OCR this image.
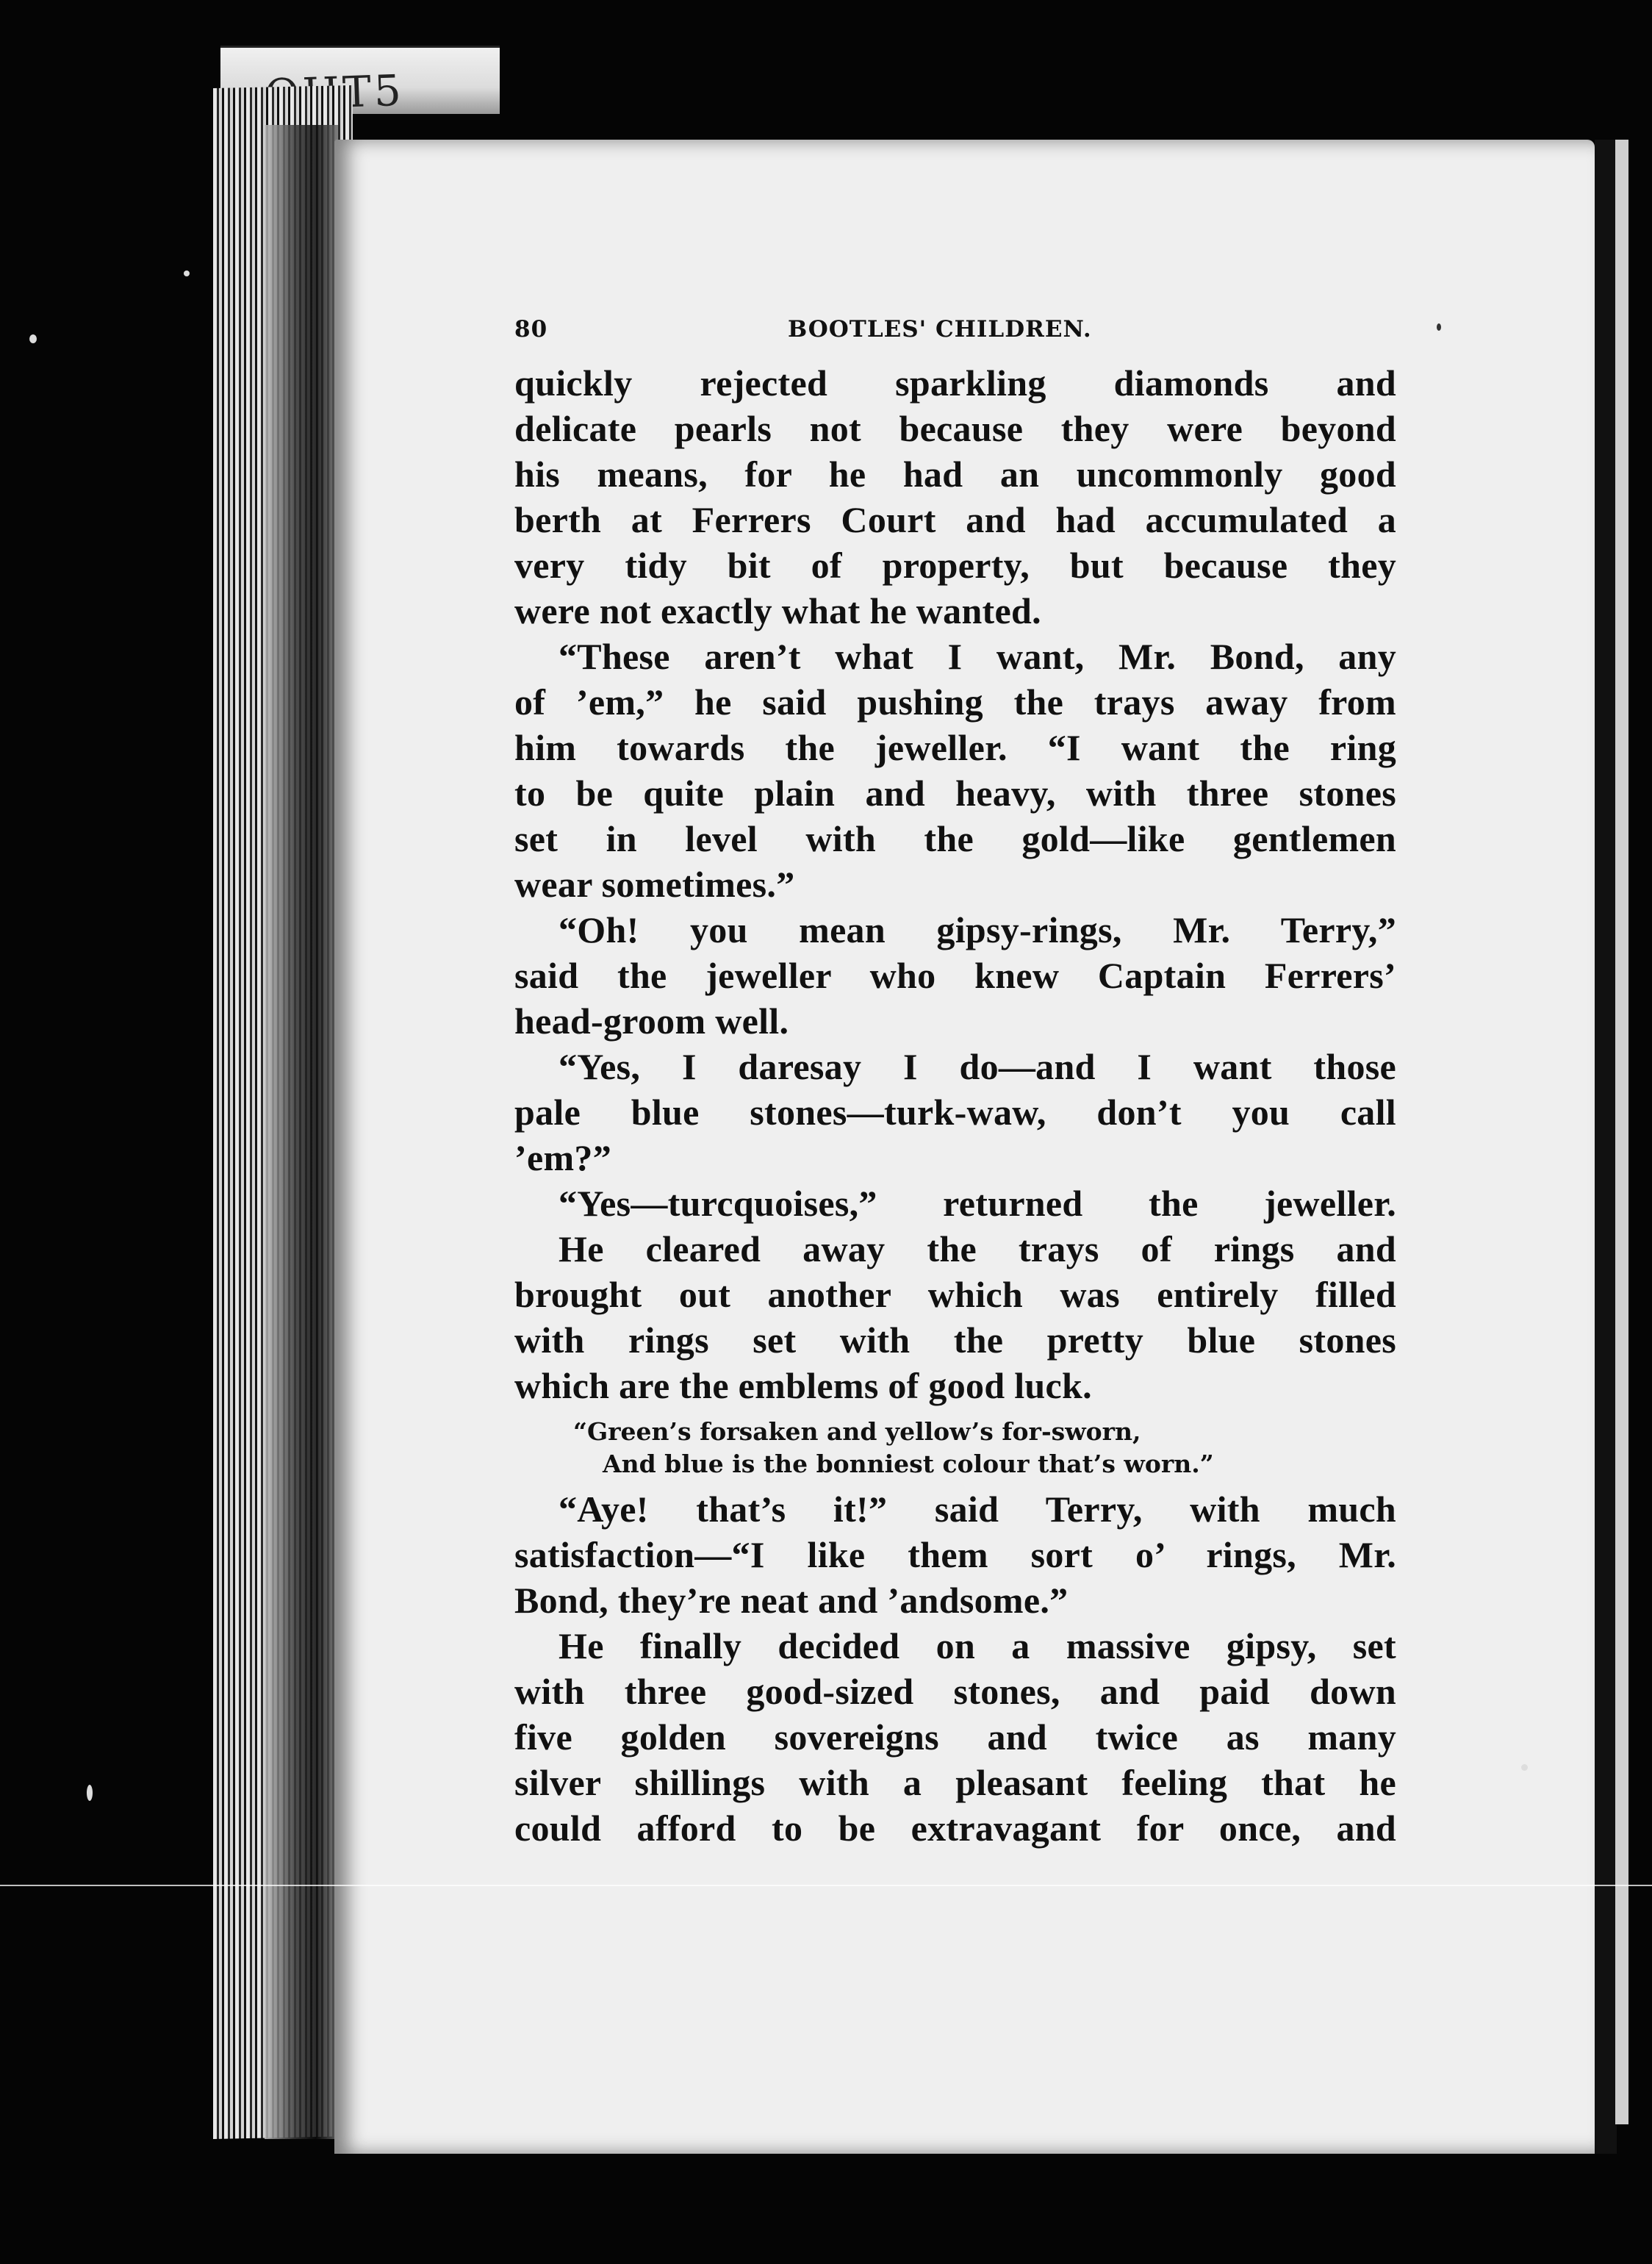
80	BOOTLES' CHILDREN.
quickly rejected sparkling diamonds and
delicate pearls not because they were beyond
his means, for he had an uncommonly good
berth at Ferrers Court and had accumulated a
very tidy bit of property, but because they
were not exactly what he wanted.
“These aren’t what I want, Mr. Bond, any
of ’em,” he said pushing the trays away from
him towards the jeweller. “I want the ring
to be quite plain and heavy, with three stones
set in level with the gold—like gentlemen
wear sometimes.”
“Oh! you mean gipsy-rings, Mr. Terry,”
said the jeweller who knew Captain Ferrers’
head-groom well.
“Yes, I daresay I do—and I want those
pale blue stones—turk-waw, don’t you call
’em?”
“Yes—turcquoises,” returned the jeweller.
He cleared away the trays of rings and
brought out another which was entirely filled
with rings set with the pretty blue stones
which are the emblems of good luck.
“Green’s forsaken and yellow’s for-sworn,
And blue is the bonniest colour that’s worn.”
“Aye! that’s it!” said Terry, with much
satisfaction—“I like them sort o’ rings, Mr.
Bond, they’re neat and ’andsome.”
He finally decided on a massive gipsy, set
with three good-sized stones, and paid down
five golden sovereigns and twice as many
silver shillings with a pleasant feeling that he
could afford to be extravagant for once, and
